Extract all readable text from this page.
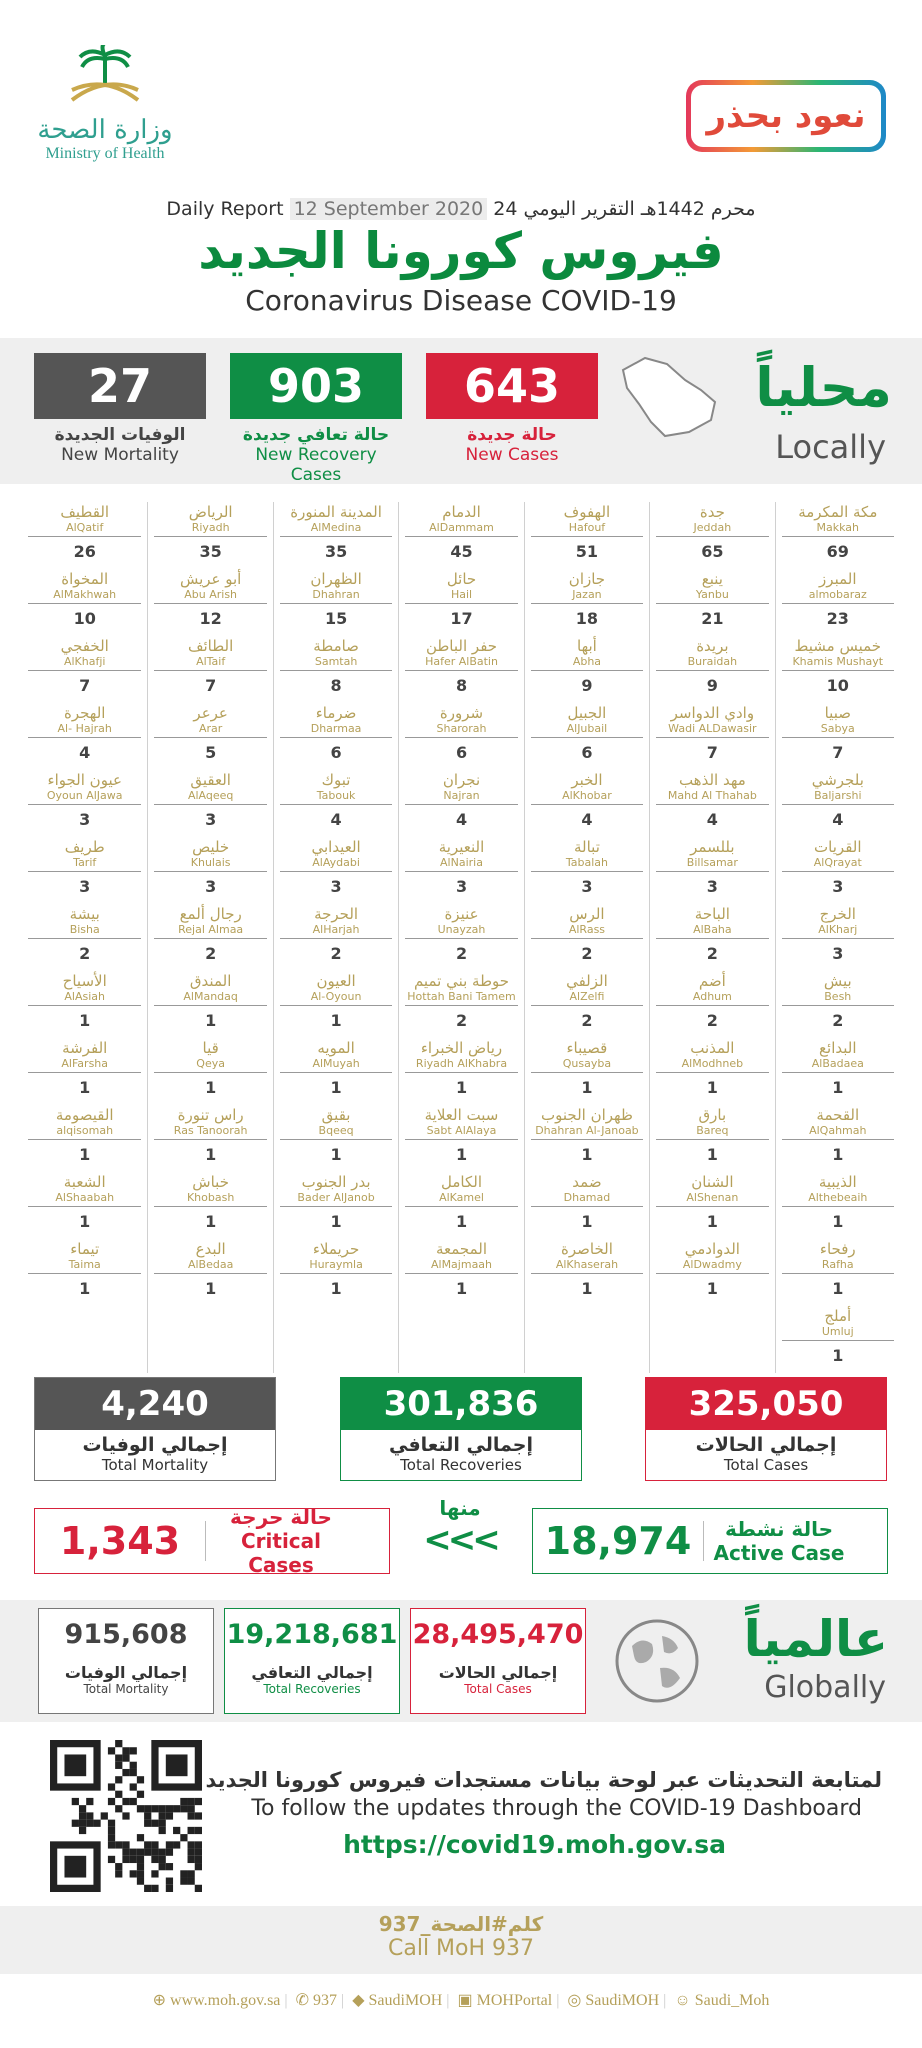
وزارة الصحة
Ministry of Health
نعود بحذر
Daily Report 12 September 2020 24 محرم 1442هـ التقرير اليومي
فيروس كورونا الجديد
Coronavirus Disease COVID-19
27
الوفيات الجديدة
New Mortality
903
حالة تعافي جديدة
New Recovery Cases
643
حالة جديدة
New Cases
محلياً
Locally
مكة المكرمة
Makkah
69
المبرز
almobaraz
23
خميس مشيط
Khamis Mushayt
10
صبيا
Sabya
7
بلجرشي
Baljarshi
4
القريات
AlQrayat
3
الخرج
AlKharj
3
بيش
Besh
2
البدائع
AlBadaea
1
القحمة
AlQahmah
1
الذيبية
Althebeaih
1
رفحاء
Rafha
1
أملج
Umluj
1
جدة
Jeddah
65
ينبع
Yanbu
21
بريدة
Buraidah
9
وادي الدواسر
Wadi ALDawasir
7
مهد الذهب
Mahd Al Thahab
4
بللسمر
Billsamar
3
الباحة
AlBaha
2
أضم
Adhum
2
المذنب
AlModhneb
1
بارق
Bareq
1
الشنان
AlShenan
1
الدوادمي
AlDwadmy
1
الهفوف
Hafouf
51
جازان
Jazan
18
أبها
Abha
9
الجبيل
AlJubail
6
الخبر
AlKhobar
4
تبالة
Tabalah
3
الرس
AlRass
2
الزلفي
AlZelfi
2
قصيباء
Qusayba
1
ظهران الجنوب
Dhahran Al-Janoab
1
ضمد
Dhamad
1
الخاصرة
AlKhaserah
1
الدمام
AlDammam
45
حائل
Hail
17
حفر الباطن
Hafer AlBatin
8
شرورة
Sharorah
6
نجران
Najran
4
النعيرية
AlNairia
3
عنيزة
Unayzah
2
حوطة بني تميم
Hottah Bani Tamem
2
رياض الخبراء
Riyadh AlKhabra
1
سبت العلاية
Sabt AlAlaya
1
الكامل
AlKamel
1
المجمعة
AlMajmaah
1
المدينة المنورة
AlMedina
35
الظهران
Dhahran
15
صامطة
Samtah
8
ضرماء
Dharmaa
6
تبوك
Tabouk
4
العيدابي
AlAydabi
3
الحرجة
AlHarjah
2
العيون
Al-Oyoun
1
المويه
AlMuyah
1
بقيق
Bqeeq
1
بدر الجنوب
Bader AlJanob
1
حريملاء
Huraymla
1
الرياض
Riyadh
35
أبو عريش
Abu Arish
12
الطائف
AlTaif
7
عرعر
Arar
5
العقيق
AlAqeeq
3
خليص
Khulais
3
رجال ألمع
Rejal Almaa
2
المندق
AlMandaq
1
قيا
Qeya
1
راس تنورة
Ras Tanoorah
1
خباش
Khobash
1
البدع
AlBedaa
1
القطيف
AlQatif
26
المخواة
AlMakhwah
10
الخفجي
AlKhafji
7
الهجرة
Al- Hajrah
4
عيون الجواء
Oyoun AlJawa
3
طريف
Tarif
3
بيشة
Bisha
2
الأسياح
AlAsiah
1
الفرشة
AlFarsha
1
القيصومة
alqisomah
1
الشعبة
AlShaabah
1
تيماء
Taima
1
4,240
إجمالي الوفيات
Total Mortality
301,836
إجمالي التعافي
Total Recoveries
325,050
إجمالي الحالات
Total Cases
1,343
حالة حرجة
Critical Cases
منها
<<<	18,974	حالة نشطة
Active Case
915,608
إجمالي الوفيات
Total Mortality
19,218,681
إجمالي التعافي
Total Recoveries
28,495,470
إجمالي الحالات
Total Cases
عالمياً
Globally
لمتابعة التحديثات عبر لوحة بيانات مستجدات فيروس كورونا الجديد
To follow the updates through the COVID-19 Dashboard
https://covid19.moh.gov.sa
كلم#الصحة_937
Call MoH 937
⊕ www.moh.gov.sa | ✆ 937 | ◆ SaudiMOH | ▣ MOHPortal | ◎ SaudiMOH | ☺ Saudi_Moh
